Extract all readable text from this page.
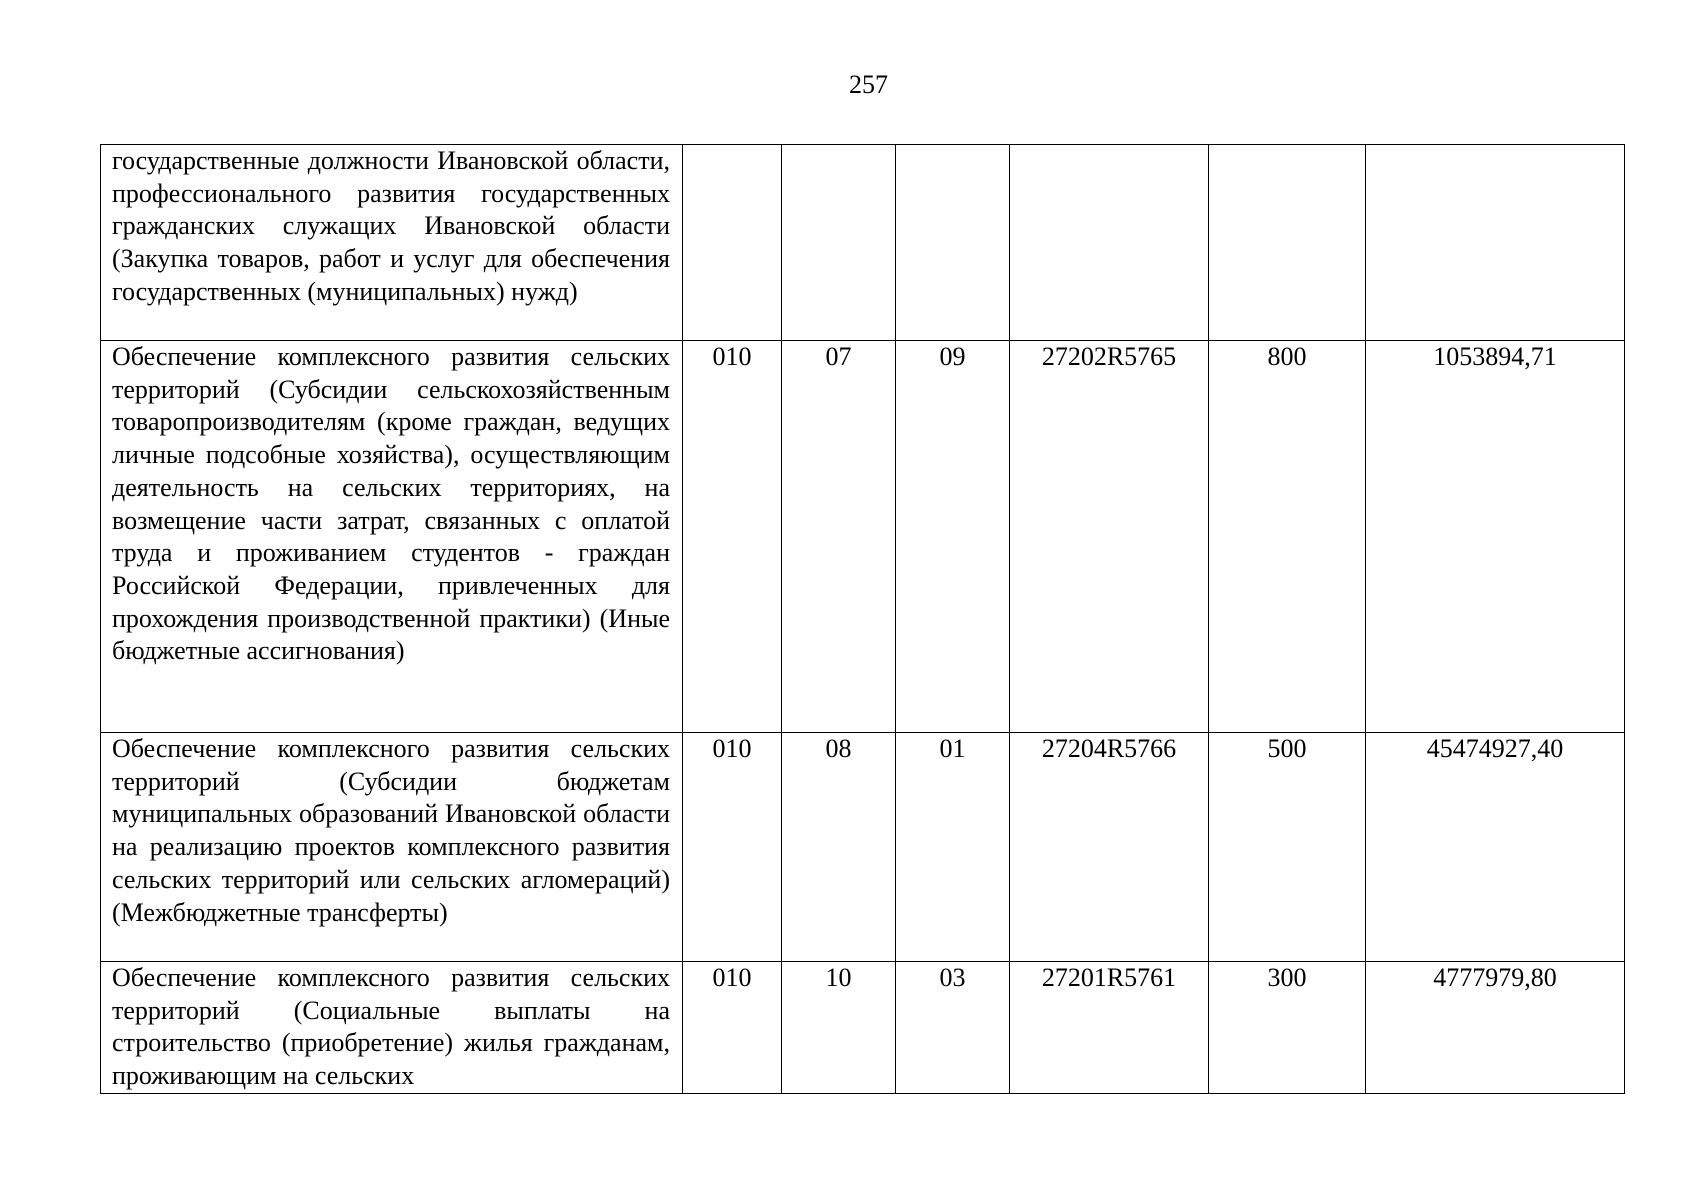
257
государственные должности Ивановской области, профессионального развития государственных гражданских служащих Ивановской области (Закупка товаров, работ и услуг для обеспечения государственных (муниципальных) нужд)						
Обеспечение комплексного развития сельских территорий (Субсидии сельскохозяйственным товаропроизводителям (кроме граждан, ведущих личные подсобные хозяйства), осуществляющим деятельность на сельских территориях, на возмещение части затрат, связанных с оплатой труда и проживанием студентов - граждан Российской Федерации, привлеченных для прохождения производственной практики) (Иные бюджетные ассигнования)	010	07	09	27202R5765	800	1053894,71
Обеспечение комплексного развития сельских территорий (Субсидии бюджетам муниципальных образований Ивановской области на реализацию проектов комплексного развития сельских территорий или сельских агломераций) (Межбюджетные трансферты)	010	08	01	27204R5766	500	45474927,40
Обеспечение комплексного развития сельских территорий (Социальные выплаты на строительство (приобретение) жилья гражданам, проживающим на сельских	010	10	03	27201R5761	300	4777979,80
